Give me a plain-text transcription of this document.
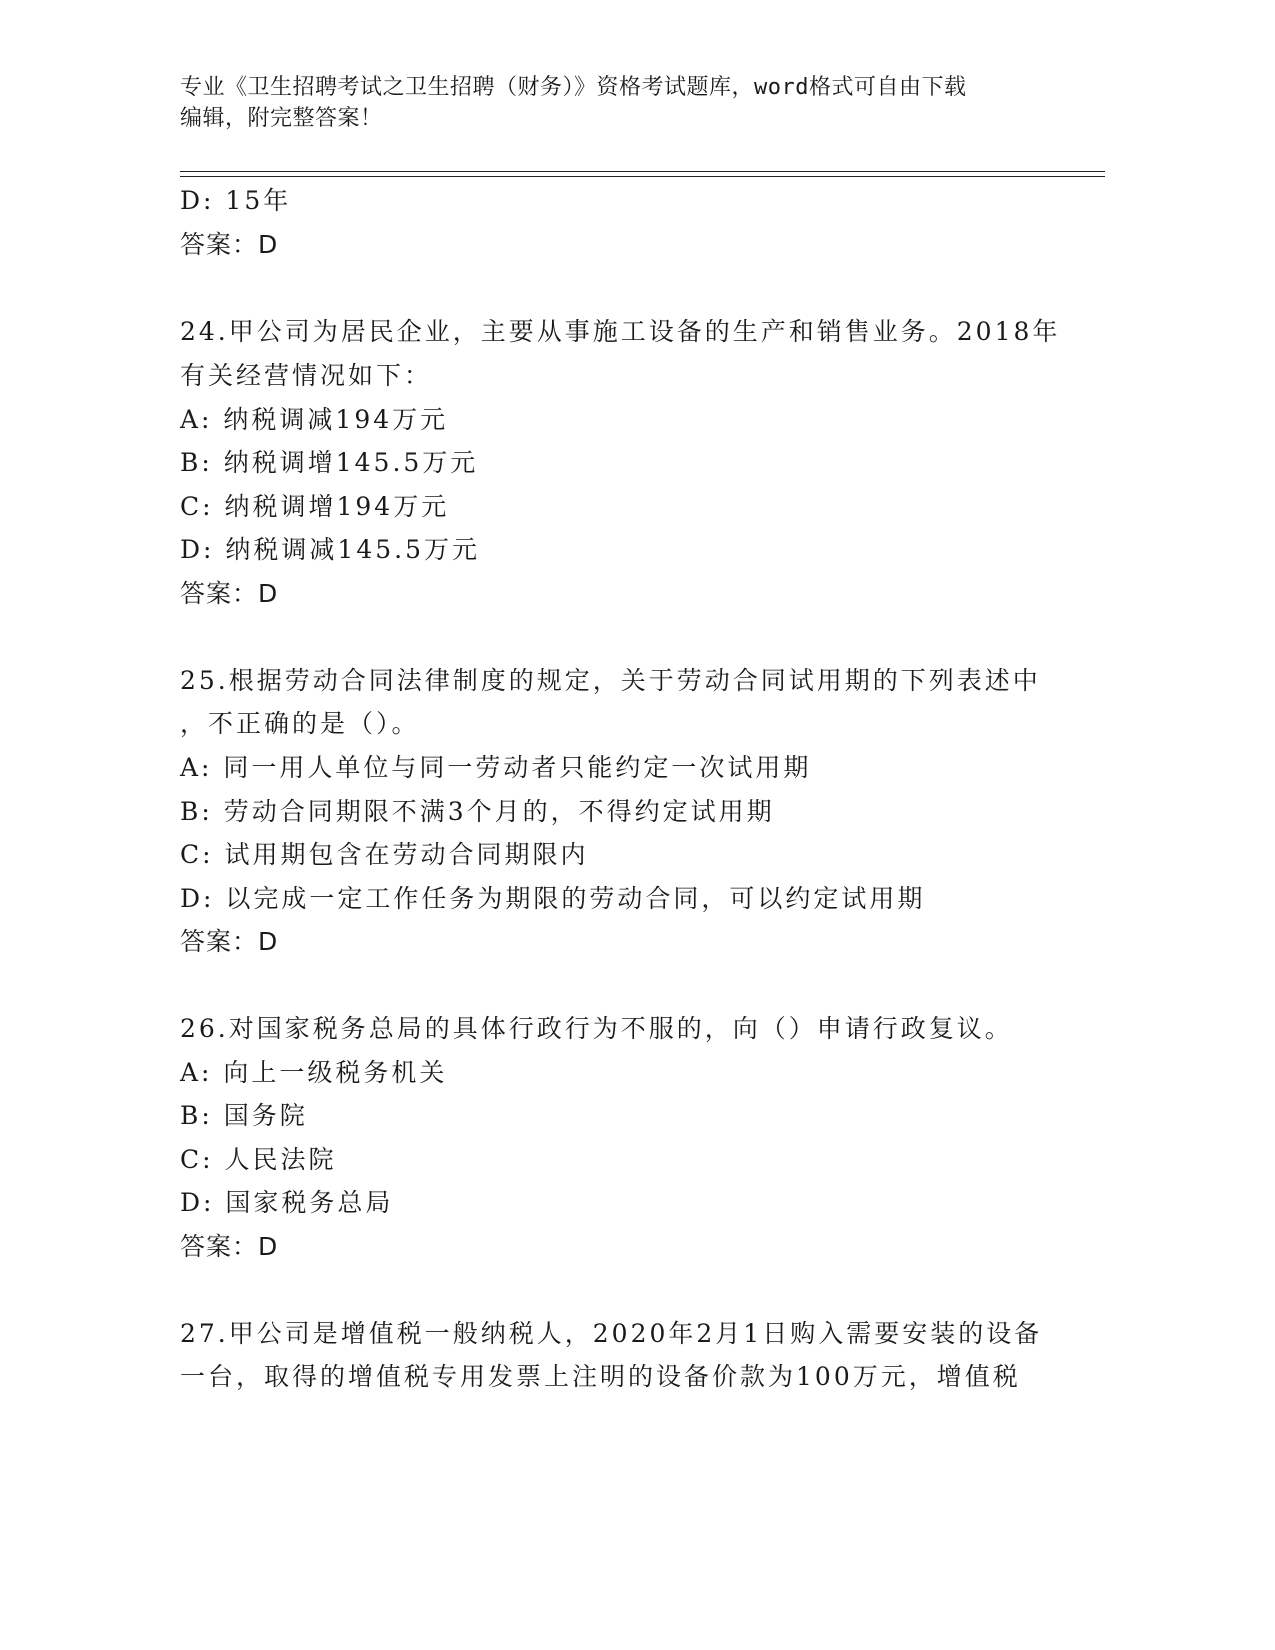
专业《卫生招聘考试之卫生招聘（财务）》资格考试题库，word格式可自由下载
编辑，附完整答案！
D: 15年
答案：D
24.甲公司为居民企业，主要从事施工设备的生产和销售业务。2018年
有关经营情况如下：
A: 纳税调减194万元
B: 纳税调增145.5万元
C: 纳税调增194万元
D: 纳税调减145.5万元
答案：D
25.根据劳动合同法律制度的规定，关于劳动合同试用期的下列表述中
，不正确的是（）。
A: 同一用人单位与同一劳动者只能约定一次试用期
B: 劳动合同期限不满3个月的，不得约定试用期
C: 试用期包含在劳动合同期限内
D: 以完成一定工作任务为期限的劳动合同，可以约定试用期
答案：D
26.对国家税务总局的具体行政行为不服的，向（）申请行政复议。
A: 向上一级税务机关
B: 国务院
C: 人民法院
D: 国家税务总局
答案：D
27.甲公司是增值税一般纳税人，2020年2月1日购入需要安装的设备
一台，取得的增值税专用发票上注明的设备价款为100万元，增值税
